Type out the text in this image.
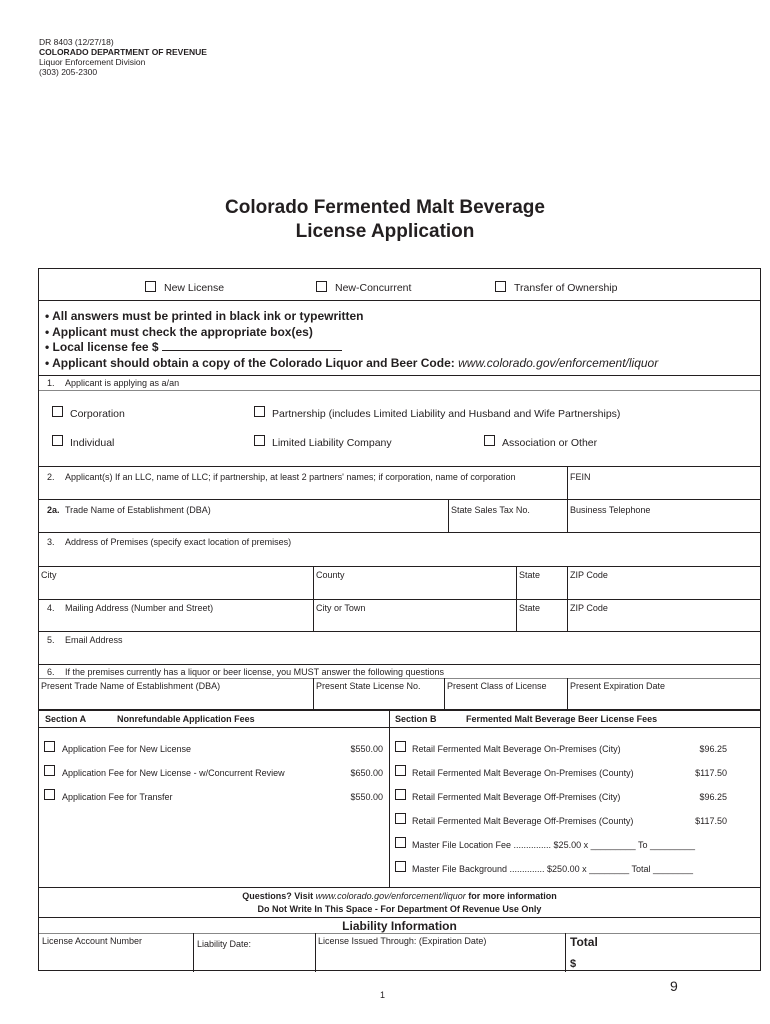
DR 8403 (12/27/18)
COLORADO DEPARTMENT OF REVENUE
Liquor Enforcement Division
(303) 205-2300
Colorado Fermented Malt Beverage
License Application
New License	New-Concurrent	Transfer of Ownership
• All answers must be printed in black ink or typewritten
• Applicant must check the appropriate box(es)
• Local license fee $
• Applicant should obtain a copy of the Colorado Liquor and Beer Code: www.colorado.gov/enforcement/liquor
1. Applicant is applying as a/an
Corporation	Partnership (includes Limited Liability and Husband and Wife Partnerships)
Individual	Limited Liability Company	Association or Other
2. Applicant(s) If an LLC, name of LLC; if partnership, at least 2 partners' names; if corporation, name of corporation	FEIN
2a. Trade Name of Establishment (DBA)	State Sales Tax No.	Business Telephone
3. Address of Premises (specify exact location of premises)
City	County	State	ZIP Code
4. Mailing Address (Number and Street)	City or Town	State	ZIP Code
5. Email Address
6. If the premises currently has a liquor or beer license, you MUST answer the following questions
Present Trade Name of Establishment (DBA)	Present State License No.	Present Class of License	Present Expiration Date
Section A	Nonrefundable Application Fees	Section B	Fermented Malt Beverage Beer License Fees
Application Fee for New License	$550.00
Application Fee for New License - w/Concurrent Review	$650.00
Application Fee for Transfer	$550.00
Retail Fermented Malt Beverage On-Premises (City)	$96.25
Retail Fermented Malt Beverage On-Premises (County)	$117.50
Retail Fermented Malt Beverage Off-Premises (City)	$96.25
Retail Fermented Malt Beverage Off-Premises (County)	$117.50
Master File Location Fee ............... $25.00 x _________ To _________
Master File Background .............. $250.00 x ________ Total ________
Questions? Visit www.colorado.gov/enforcement/liquor for more information
Do Not Write In This Space - For Department Of Revenue Use Only
Liability Information
License Account Number	Liability Date:	License Issued Through: (Expiration Date)	Total
$
9
1
